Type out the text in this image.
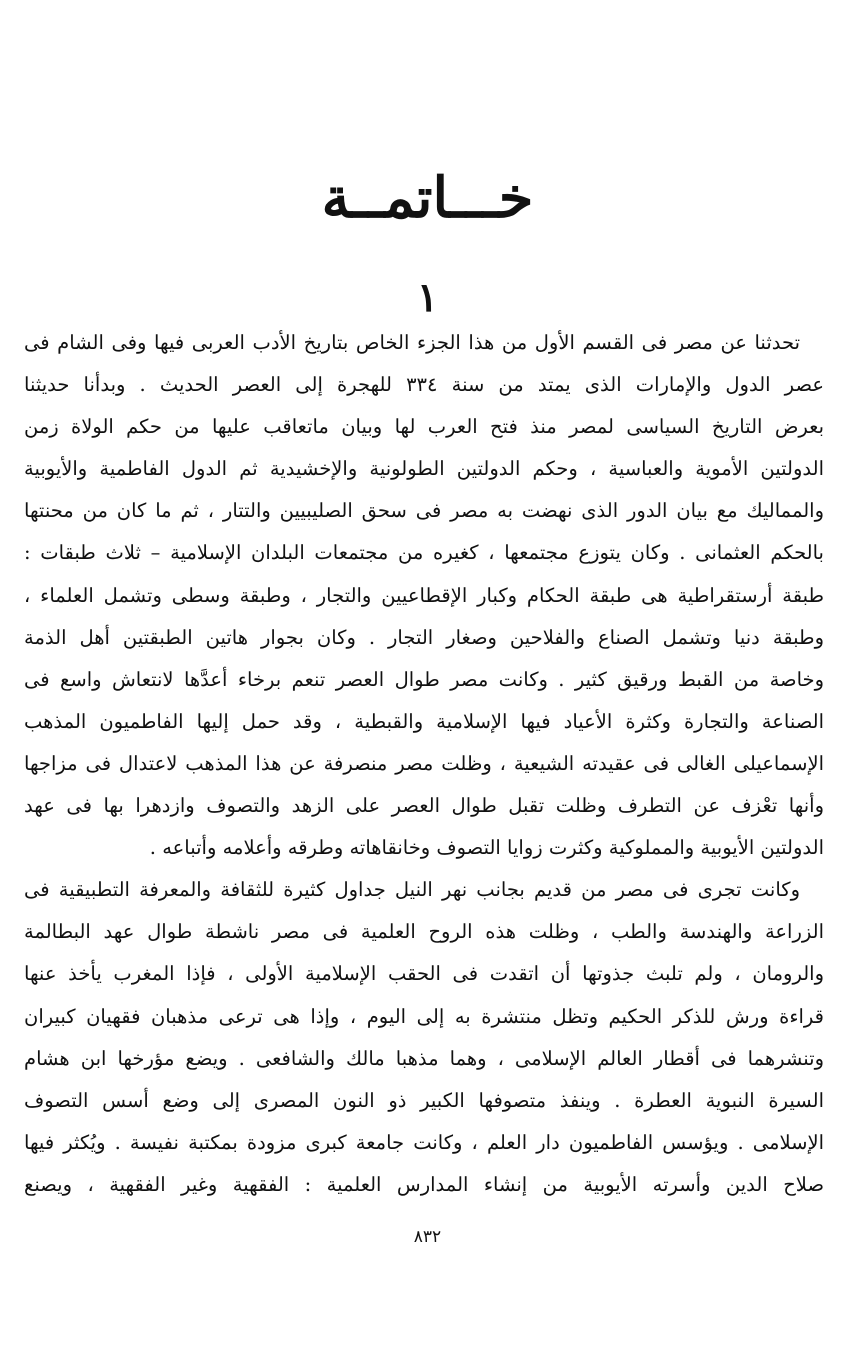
خـــاتمــة
١
تحدثنا عن مصر فى القسم الأول من هذا الجزء الخاص بتاريخ الأدب العربى فيها وفى الشام فى
عصر الدول والإمارات الذى يمتد من سنة ٣٣٤ للهجرة إلى العصر الحديث . وبدأنا حديثنا
بعرض التاريخ السياسى لمصر منذ فتح العرب لها وبيان ماتعاقب عليها من حكم الولاة زمن
الدولتين الأموية والعباسية ، وحكم الدولتين الطولونية والإخشيدية ثم الدول الفاطمية والأيوبية
والمماليك مع بيان الدور الذى نهضت به مصر فى سحق الصليبيين والتتار ، ثم ما كان من محنتها
بالحكم العثمانى . وكان يتوزع مجتمعها ، كغيره من مجتمعات البلدان الإسلامية – ثلاث طبقات :
طبقة أرستقراطية هى طبقة الحكام وكبار الإقطاعيين والتجار ، وطبقة وسطى وتشمل العلماء ،
وطبقة دنيا وتشمل الصناع والفلاحين وصغار التجار . وكان بجوار هاتين الطبقتين أهل الذمة
وخاصة من القبط ورقيق كثير . وكانت مصر طوال العصر تنعم برخاء أعدَّها لانتعاش واسع فى
الصناعة والتجارة وكثرة الأعياد فيها الإسلامية والقبطية ، وقد حمل إليها الفاطميون المذهب
الإسماعيلى الغالى فى عقيدته الشيعية ، وظلت مصر منصرفة عن هذا المذهب لاعتدال فى مزاجها
وأنها تعْزف عن التطرف وظلت تقبل طوال العصر على الزهد والتصوف وازدهرا بها فى عهد
الدولتين الأيوبية والمملوكية وكثرت زوايا التصوف وخانقاهاته وطرقه وأعلامه وأتباعه .
وكانت تجرى فى مصر من قديم بجانب نهر النيل جداول كثيرة للثقافة والمعرفة التطبيقية فى
الزراعة والهندسة والطب ، وظلت هذه الروح العلمية فى مصر ناشطة طوال عهد البطالمة
والرومان ، ولم تلبث جذوتها أن اتقدت فى الحقب الإسلامية الأولى ، فإذا المغرب يأخذ عنها
قراءة ورش للذكر الحكيم وتظل منتشرة به إلى اليوم ، وإذا هى ترعى مذهبان فقهيان كبيران
وتنشرهما فى أقطار العالم الإسلامى ، وهما مذهبا مالك والشافعى . ويضع مؤرخها ابن هشام
السيرة النبوية العطرة . وينفذ متصوفها الكبير ذو النون المصرى إلى وضع أسس التصوف
الإسلامى . ويؤسس الفاطميون دار العلم ، وكانت جامعة كبرى مزودة بمكتبة نفيسة . ويُكثر فيها
صلاح الدين وأسرته الأيوبية من إنشاء المدارس العلمية : الفقهية وغير الفقهية ، ويصنع
٨٣٢
